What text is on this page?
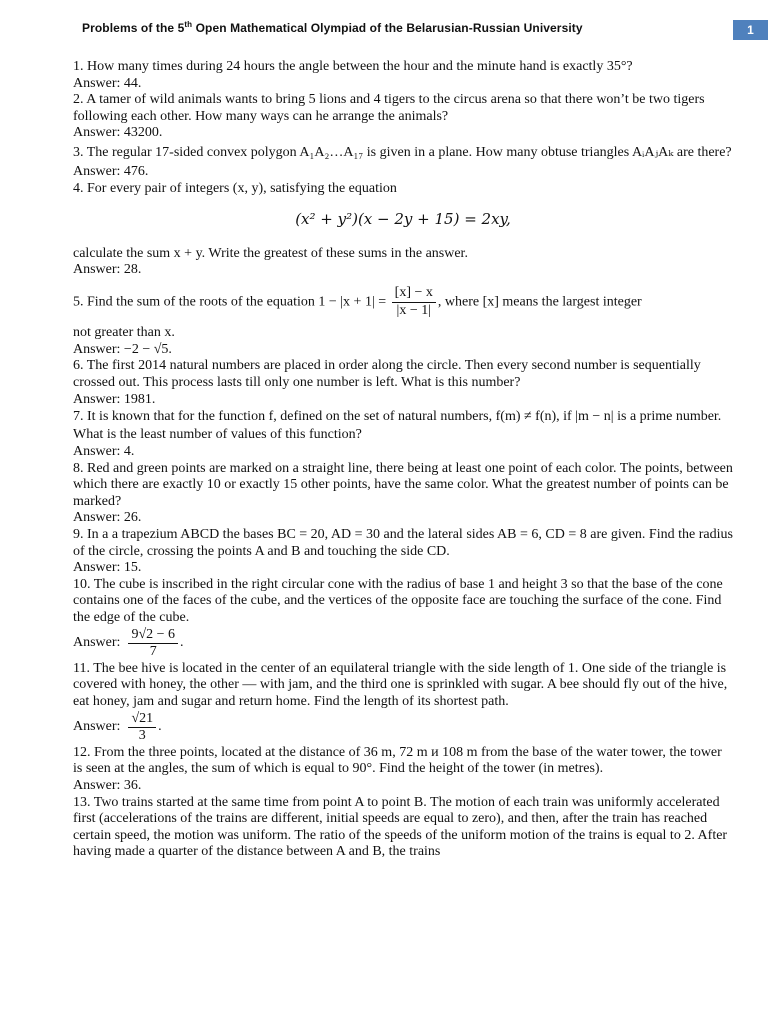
Problems of the 5th Open Mathematical Olympiad of the Belarusian-Russian University	1

1. How many times during 24 hours the angle between the hour and the minute hand is exactly 35°?

Answer: 44.

2. A tamer of wild animals wants to bring 5 lions and 4 tigers to the circus arena so that there won’t be two tigers following each other. How many ways can he arrange the animals?

Answer: 43200.

3. The regular 17-sided convex polygon A₁A₂…A₁₇ is given in a plane. How many obtuse triangles AᵢAⱼAₖ are there?

Answer: 476.

4. For every pair of integers (x, y), satisfying the equation

(x² + y²)(x − 2y + 15) = 2xy,

calculate the sum x + y. Write the greatest of these sums in the answer.

Answer: 28.

5. Find the sum of the roots of the equation $1 - |x + 1| = \frac{[x] - x}{|x - 1|}$ , where [x] means the largest integer

not greater than x.

Answer: −2 − √5.

6. The first 2014 natural numbers are placed in order along the circle. Then every second number is sequentially crossed out. This process lasts till only one number is left. What is this number?

Answer: 1981.

7. It is known that for the function f, defined on the set of natural numbers, f(m) ≠ f(n), if |m − n| is a prime number. What is the least number of values of this function?

Answer: 4.

8. Red and green points are marked on a straight line, there being at least one point of each color. The points, between which there are exactly 10 or exactly 15 other points, have the same color. What the greatest number of points can be marked?

Answer: 26.

9. In a a trapezium ABCD the bases BC = 20, AD = 30 and the lateral sides AB = 6, CD = 8 are given. Find the radius of the circle, crossing the points A and B and touching the side CD.

Answer: 15.

10. The cube is inscribed in the right circular cone with the radius of base 1 and height 3 so that the base of the cone contains one of the faces of the cube, and the vertices of the opposite face are touching the surface of the cone. Find the edge of the cube.

Answer: $\frac{9√2 - 6}{7}$ .

11. The bee hive is located in the center of an equilateral triangle with the side length of 1. One side of the triangle is covered with honey, the other — with jam, and the third one is sprinkled with sugar. A bee should fly out of the hive, eat honey, jam and sugar and return home. Find the length of its shortest path.

Answer: $\frac{√21}{3}$ .

12. From the three points, located at the distance of 36 m, 72 m и 108 m from the base of the water tower, the tower is seen at the angles, the sum of which is equal to 90°. Find the height of the tower (in metres).

Answer: 36.

13. Two trains started at the same time from point A to point B. The motion of each train was uniformly accelerated first (accelerations of the trains are different, initial speeds are equal to zero), and then, after the train has reached certain speed, the motion was uniform. The ratio of the speeds of the uniform motion of the trains is equal to 2. After having made a quarter of the distance between A and B, the trains
